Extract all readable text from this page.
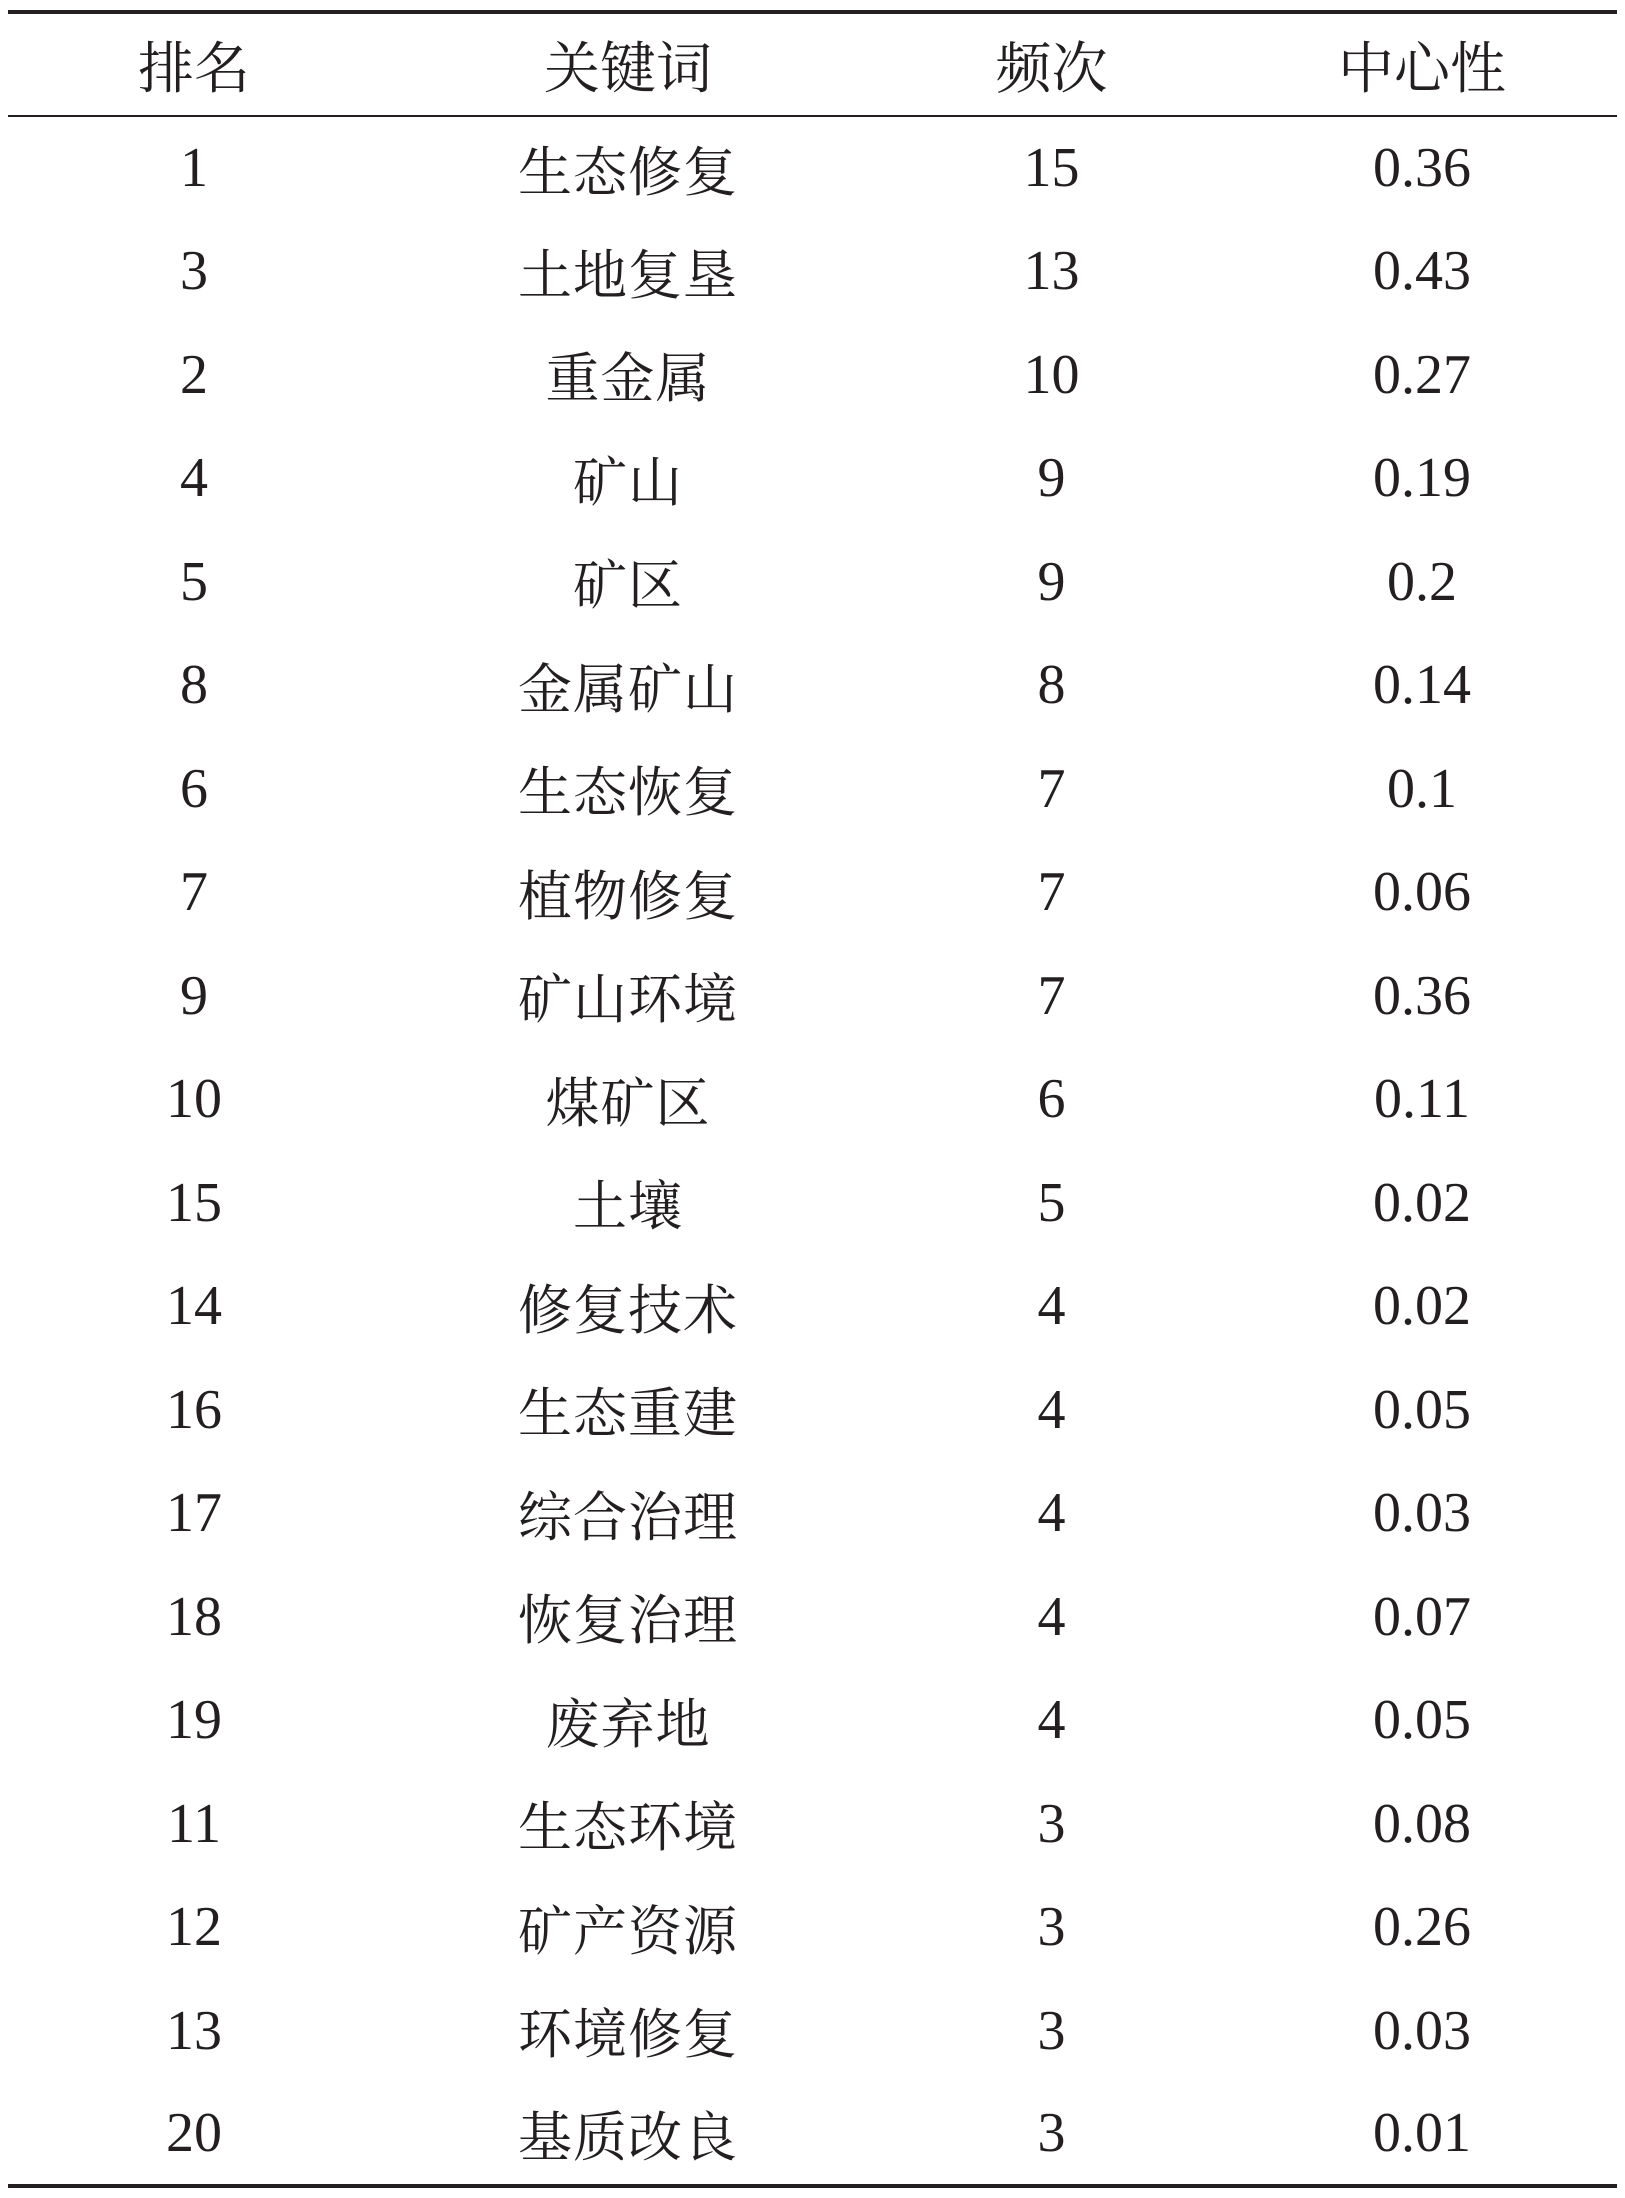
排名	关键词	频次	中心性
1	生态修复	15	0.36
3	土地复垦	13	0.43
2	重金属	10	0.27
4	矿山	9	0.19
5	矿区	9	0.2
8	金属矿山	8	0.14
6	生态恢复	7	0.1
7	植物修复	7	0.06
9	矿山环境	7	0.36
10	煤矿区	6	0.11
15	土壤	5	0.02
14	修复技术	4	0.02
16	生态重建	4	0.05
17	综合治理	4	0.03
18	恢复治理	4	0.07
19	废弃地	4	0.05
11	生态环境	3	0.08
12	矿产资源	3	0.26
13	环境修复	3	0.03
20	基质改良	3	0.01
